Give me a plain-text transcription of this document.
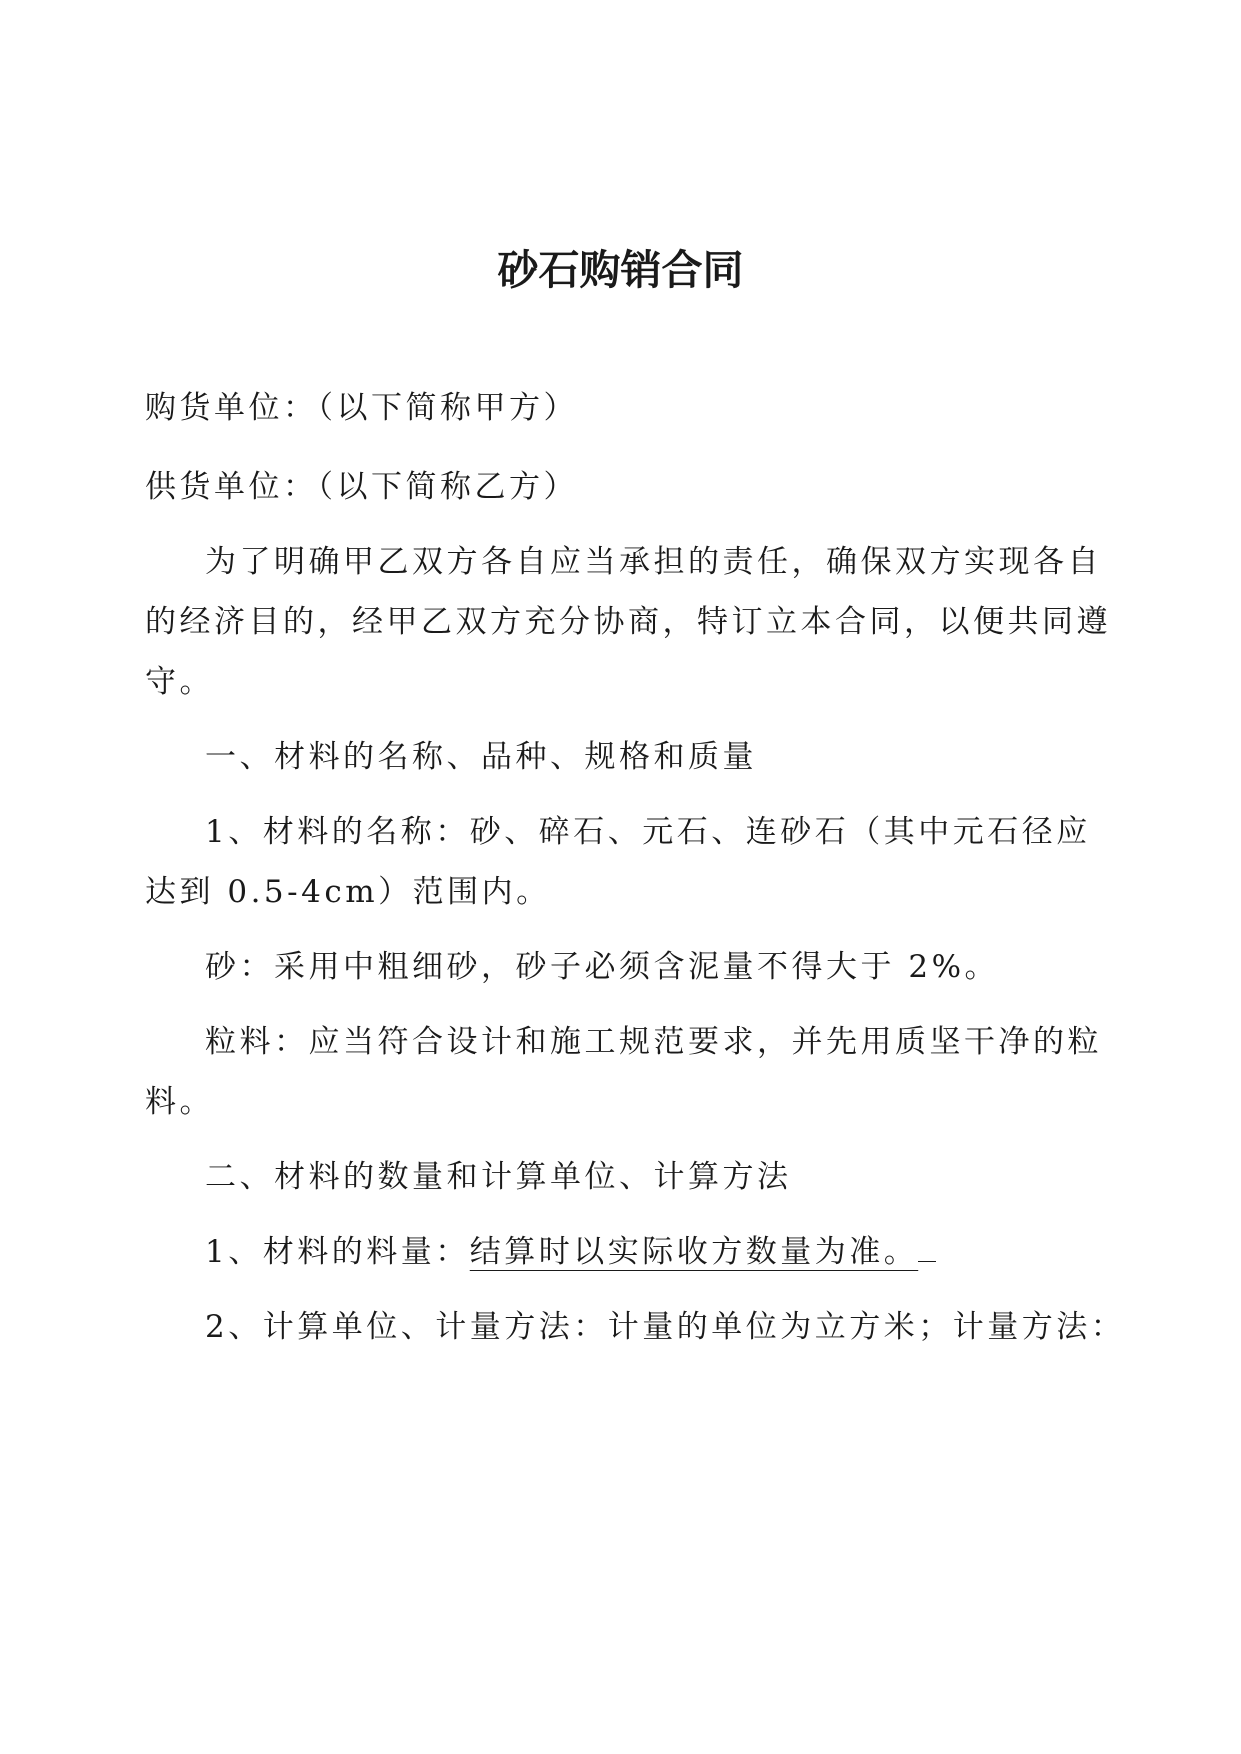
砂石购销合同

购货单位：（以下简称甲方）

供货单位：（以下简称乙方）

为了明确甲乙双方各自应当承担的责任，确保双方实现各自

的经济目的，经甲乙双方充分协商，特订立本合同，以便共同遵

守。

一、材料的名称、品种、规格和质量

1、材料的名称：砂、碎石、元石、连砂石（其中元石径应

达到 0.5-4cm）范围内。

砂：采用中粗细砂，砂子必须含泥量不得大于 2%。

粒料：应当符合设计和施工规范要求，并先用质坚干净的粒

料。

二、材料的数量和计算单位、计算方法

1、材料的料量：结算时以实际收方数量为准。

2、计算单位、计量方法：计量的单位为立方米；计量方法：
